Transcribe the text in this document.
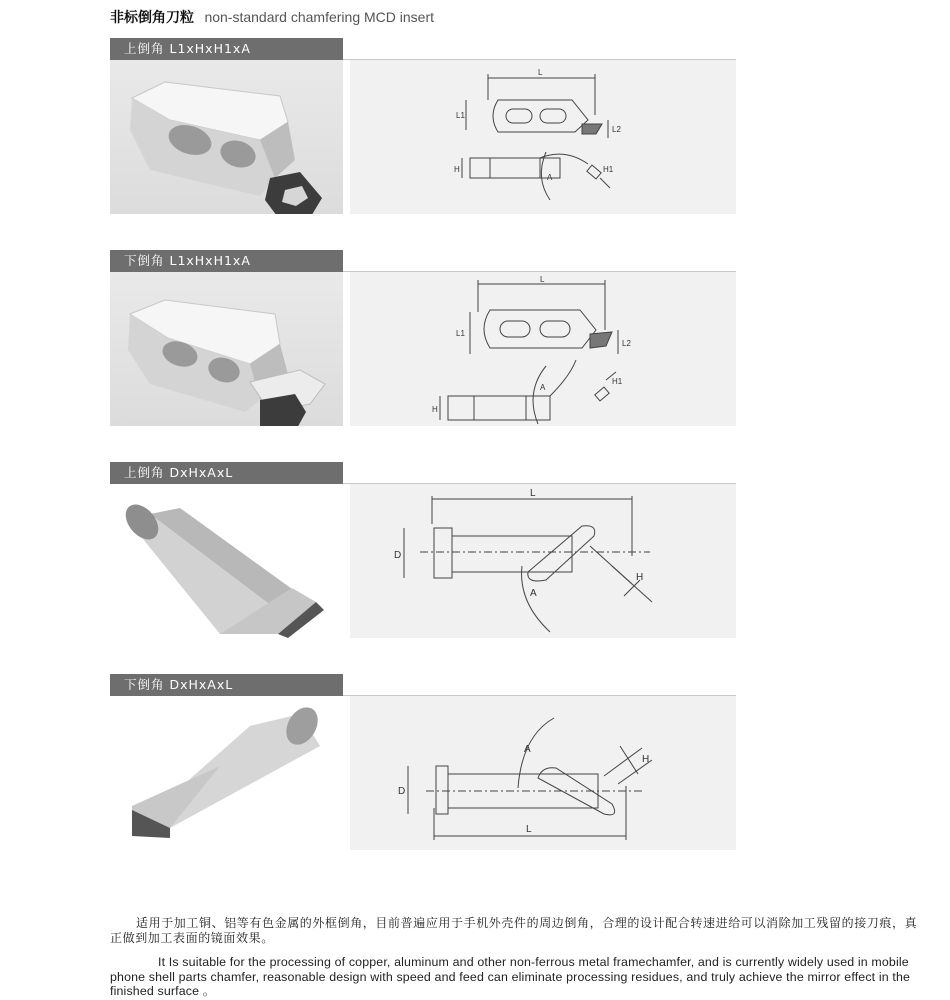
非标倒角刀粒 non-standard chamfering MCD insert
上倒角 L1xHxH1xA
L
L1
L2
H
A
H1
下倒角 L1xHxH1xA
L
L1
L2
H
A
H1
上倒角 DxHxAxL
L
D
H
A
下倒角 DxHxAxL
L
D
H
A
适用于加工铜、铝等有色金属的外框倒角，目前普遍应用于手机外壳件的周边倒角，合理的设计配合转速进给可以消除加工残留的接刀痕，真正做到加工表面的镜面效果。
It Is suitable for the processing of copper, aluminum and other non-ferrous metal framechamfer, and is currently widely used in mobile phone shell parts chamfer, reasonable design with speed and feed can eliminate processing residues, and truly achieve the mirror effect in the finished surface 。
